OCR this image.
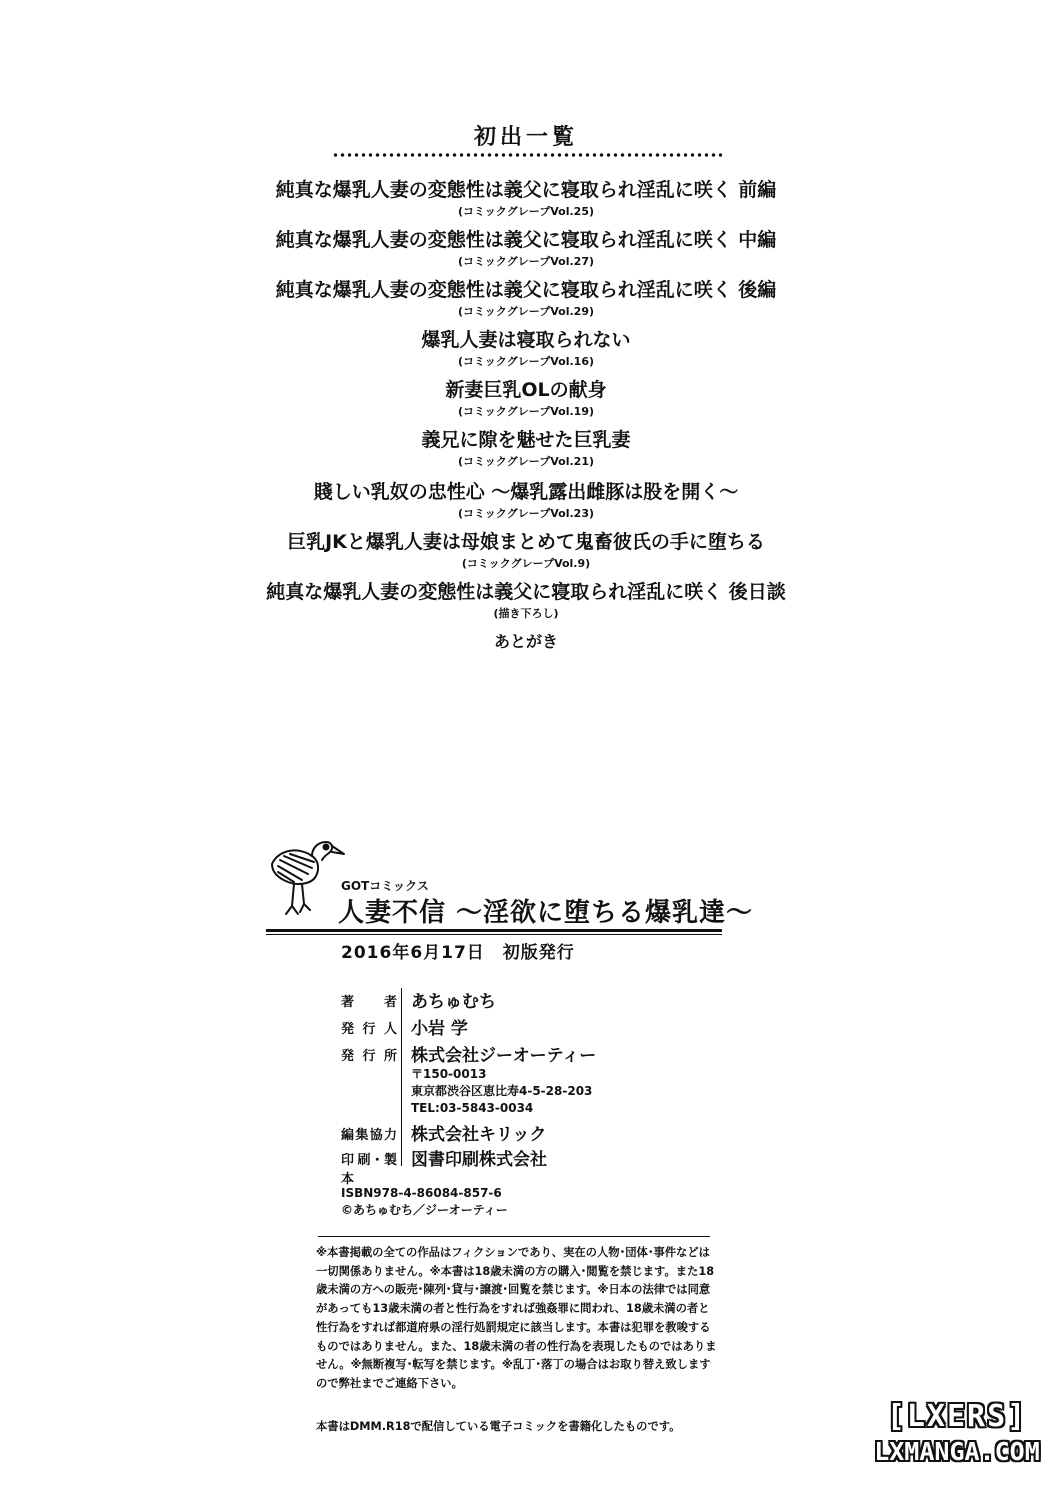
初出一覧
純真な爆乳人妻の変態性は義父に寝取られ淫乱に咲く 前編
(コミックグレープVol.25)
純真な爆乳人妻の変態性は義父に寝取られ淫乱に咲く 中編
(コミックグレープVol.27)
純真な爆乳人妻の変態性は義父に寝取られ淫乱に咲く 後編
(コミックグレープVol.29)
爆乳人妻は寝取られない
(コミックグレープVol.16)
新妻巨乳OLの献身
(コミックグレープVol.19)
義兄に隙を魅せた巨乳妻
(コミックグレープVol.21)
賤しい乳奴の忠性心 〜爆乳露出雌豚は股を開く〜
(コミックグレープVol.23)
巨乳JKと爆乳人妻は母娘まとめて鬼畜彼氏の手に堕ちる
(コミックグレープVol.9)
純真な爆乳人妻の変態性は義父に寝取られ淫乱に咲く 後日談
(描き下ろし)
あとがき
GOTコミックス
人妻不信 〜淫欲に堕ちる爆乳達〜
2016年6月17日　初版発行
著者 あちゅむち
発行人 小岩 学
発行所 株式会社ジーオーティー
〒150-0013
東京都渋谷区恵比寿4-5-28-203
TEL:03-5843-0034
編集協力 株式会社キリック
印刷･製本
図書印刷株式会社
ISBN978-4-86084-857-6
©あちゅむち／ジーオーティー
※本書掲載の全ての作品はフィクションであり、実在の人物･団体･事件などは一切関係ありません。※本書は18歳未満の方の購入･閲覧を禁じます。また18歳未満の方への販売･陳列･貸与･譲渡･回覧を禁じます。※日本の法律では同意があっても13歳未満の者と性行為をすれば強姦罪に問われ、18歳未満の者と性行為をすれば都道府県の淫行処罰規定に該当します。本書は犯罪を教唆するものではありません。また、18歳未満の者の性行為を表現したものではありません。※無断複写･転写を禁じます。※乱丁･落丁の場合はお取り替え致しますので弊社までご連絡下さい。
本書はDMM.R18で配信している電子コミックを書籍化したものです。	[LXERS]
LXMANGA.COM
